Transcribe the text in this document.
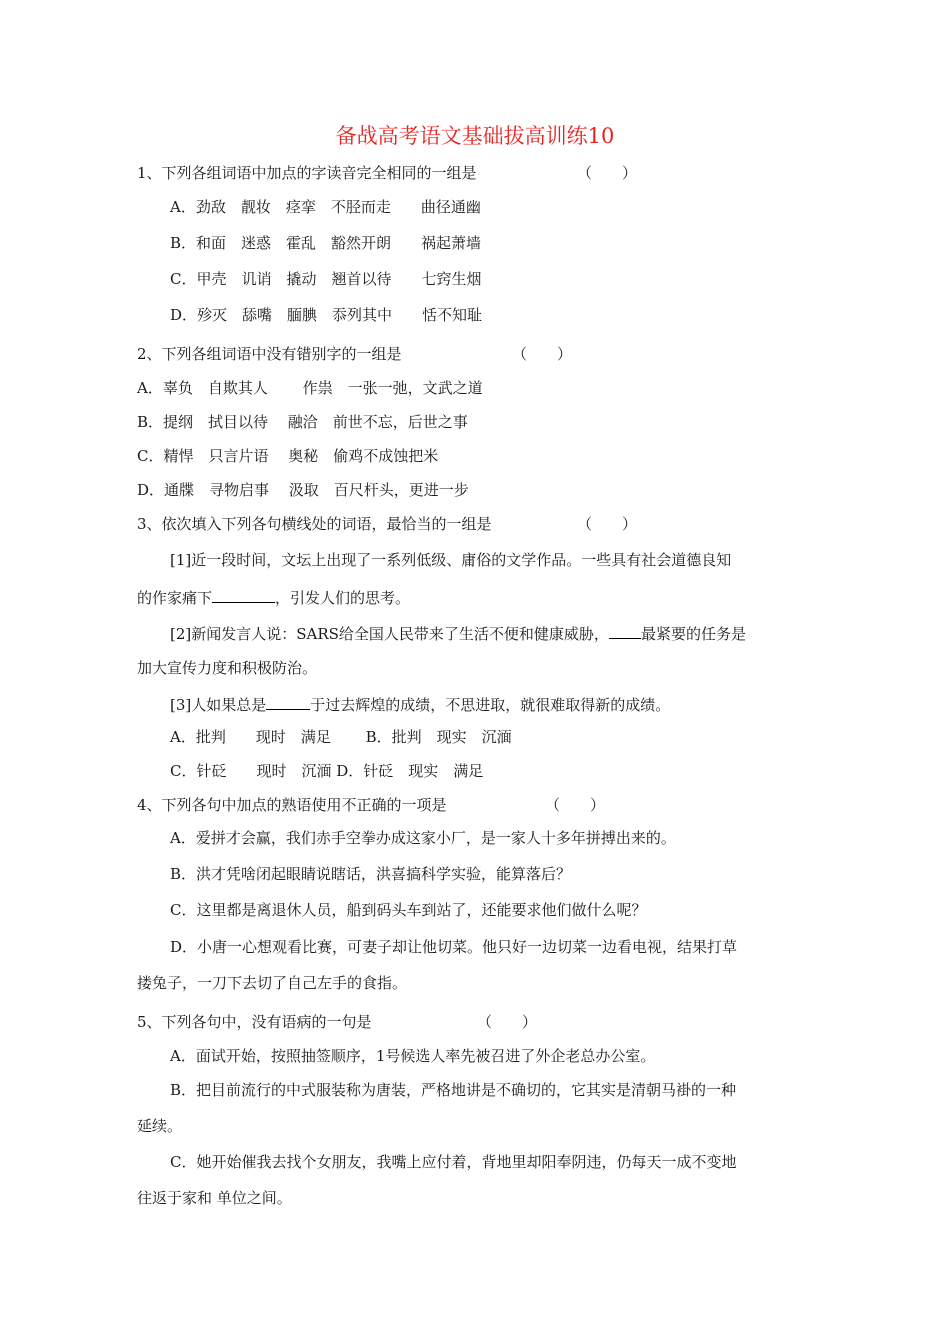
备战高考语文基础拔高训练10
1、下列各组词语中加点的字读音完全相同的一组是	（　　）
A．劲敌　靓妆　痉挛　不胫而走　　曲径通幽
B．和面　迷惑　霍乱　豁然开朗　　祸起萧墙
C．甲壳　讥诮　撬动　翘首以待　　七窍生烟
D．殄灭　舔嘴　腼腆　忝列其中　　恬不知耻
2、下列各组词语中没有错别字的一组是	（　　）
A．辜负　自欺其人　　 作祟　一张一弛，文武之道
B．提纲　拭目以待　 融洽　前世不忘，后世之事
C．精悍　只言片语　 奥秘　偷鸡不成蚀把米
D．通牒　寻物启事　 汲取　百尺杆头，更进一步
3、依次填入下列各句横线处的词语，最恰当的一组是	（　　）
[1]近一段时间，文坛上出现了一系列低级、庸俗的文学作品。一些具有社会道德良知
的作家痛下	，引发人们的思考。
[2]新闻发言人说：SARS给全国人民带来了生活不便和健康威胁， 最紧要的任务是
加大宣传力度和积极防治。
[3]人如果总是	于过去辉煌的成绩，不思进取，就很难取得新的成绩。
A．批判　　现时　满足　　 B．批判　现实　沉湎
C．针砭　　现时　沉湎 D．针砭　现实　满足
4、下列各句中加点的熟语使用不正确的一项是	（　　）
A．爱拼才会赢，我们赤手空拳办成这家小厂，是一家人十多年拼搏出来的。
B．洪才凭啥闭起眼睛说瞎话，洪喜搞科学实验，能算落后？
C．这里都是离退休人员，船到码头车到站了，还能要求他们做什么呢？
D．小唐一心想观看比赛，可妻子却让他切菜。他只好一边切菜一边看电视，结果打草
搂兔子，一刀下去切了自己左手的食指。
5、下列各句中，没有语病的一句是	（　　）
A．面试开始，按照抽签顺序，1号候选人率先被召进了外企老总办公室。
B．把目前流行的中式服装称为唐装，严格地讲是不确切的，它其实是清朝马褂的一种
延续。
C．她开始催我去找个女朋友，我嘴上应付着，背地里却阳奉阴违，仍每天一成不变地
往返于家和 单位之间。
